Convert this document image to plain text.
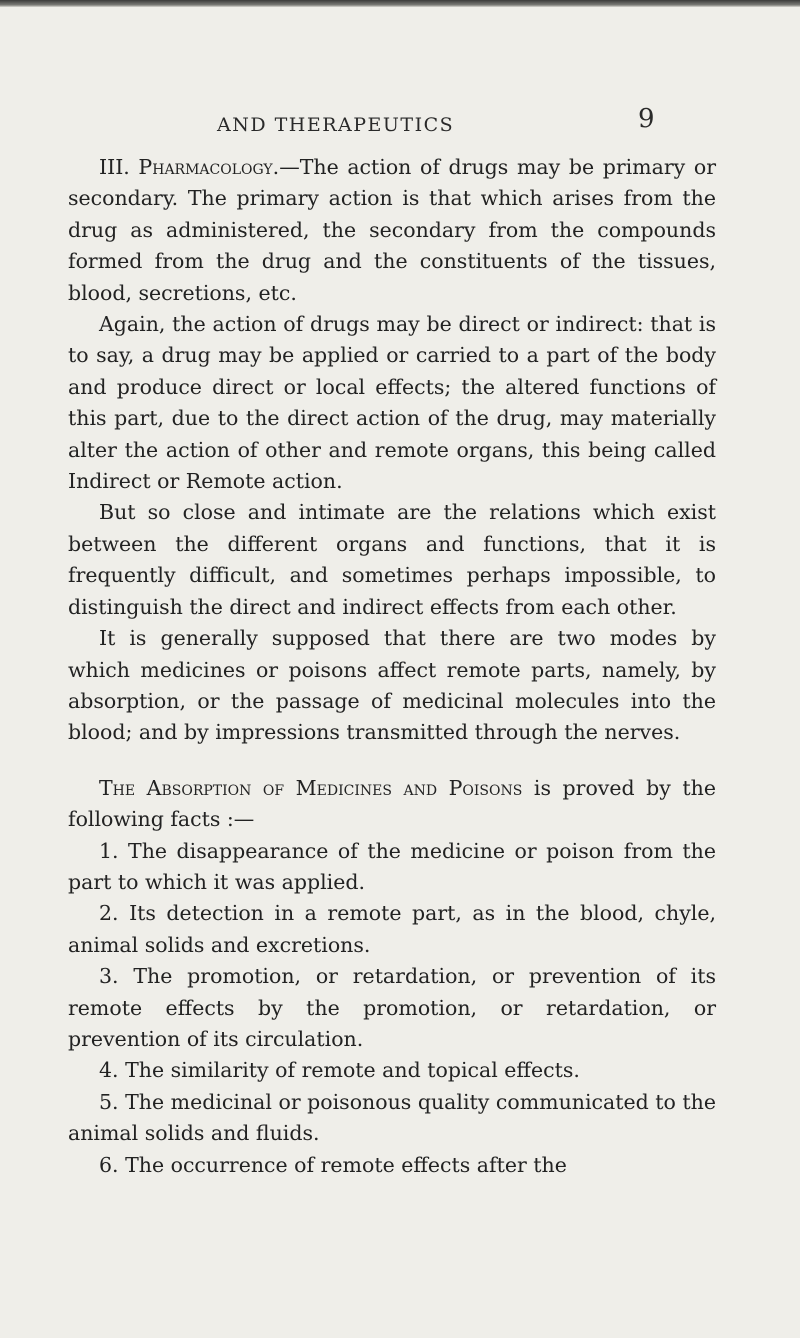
AND THERAPEUTICS	9

III. Pharmacology.—The action of drugs may be primary or secondary. The primary action is that which arises from the drug as administered, the secondary from the compounds formed from the drug and the constituents of the tissues, blood, secretions, etc.

Again, the action of drugs may be direct or indirect: that is to say, a drug may be applied or carried to a part of the body and produce direct or local effects; the altered functions of this part, due to the direct action of the drug, may materially alter the action of other and remote organs, this being called Indirect or Remote action.

But so close and intimate are the relations which exist between the different organs and functions, that it is frequently difficult, and sometimes perhaps impossible, to distinguish the direct and indirect effects from each other.

It is generally supposed that there are two modes by which medicines or poisons affect remote parts, namely, by absorption, or the passage of medicinal molecules into the blood; and by impressions transmitted through the nerves.

The Absorption of Medicines and Poisons is proved by the following facts :—

1. The disappearance of the medicine or poison from the part to which it was applied.

2. Its detection in a remote part, as in the blood, chyle, animal solids and excretions.

3. The promotion, or retardation, or prevention of its remote effects by the promotion, or retardation, or prevention of its circulation.

4. The similarity of remote and topical effects.

5. The medicinal or poisonous quality communicated to the animal solids and fluids.

6. The occurrence of remote effects after the
